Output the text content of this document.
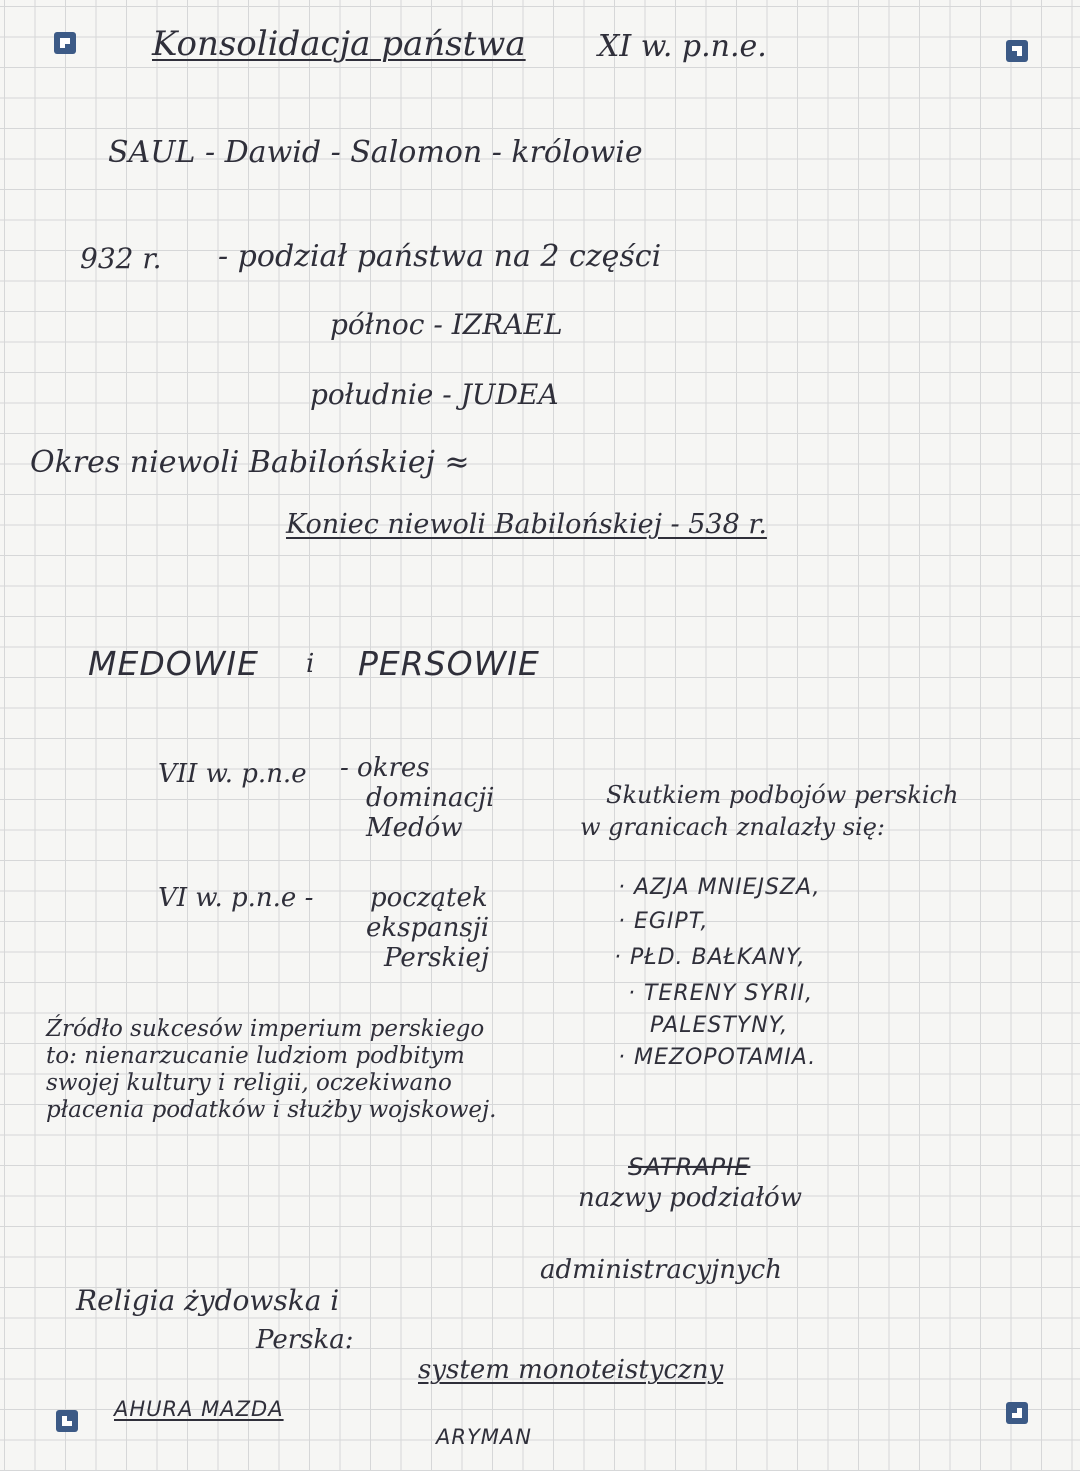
Konsolidacja państwa XI w. p.n.e.
SAUL - Dawid - Salomon - królowie
932 r. - podział państwa na 2 części
północ - IZRAEL
południe - JUDEA
Okres niewoli Babilońskiej ≈
Koniec niewoli Babilońskiej - 538 r.
MEDOWIE i PERSOWIE
VII w. p.n.e - okres
dominacji
Medów
VI w. p.n.e - początek
ekspansji
Perskiej
Skutkiem podbojów perskich
w granicach znalazły się:
· AZJA MNIEJSZA,
· EGIPT,
· PŁD. BAŁKANY,
· TERENY SYRII,
PALESTYNY,
· MEZOPOTAMIA.
Źródło sukcesów imperium perskiego to: nienarzucanie ludziom podbitym swojej kultury i religii, oczekiwano płacenia podatków i służby wojskowej.
SATRAPIE
nazwy podziałów
administracyjnych
Religia żydowska i
Perska:
system monoteistyczny
AHURA MAZDA
ARYMAN
